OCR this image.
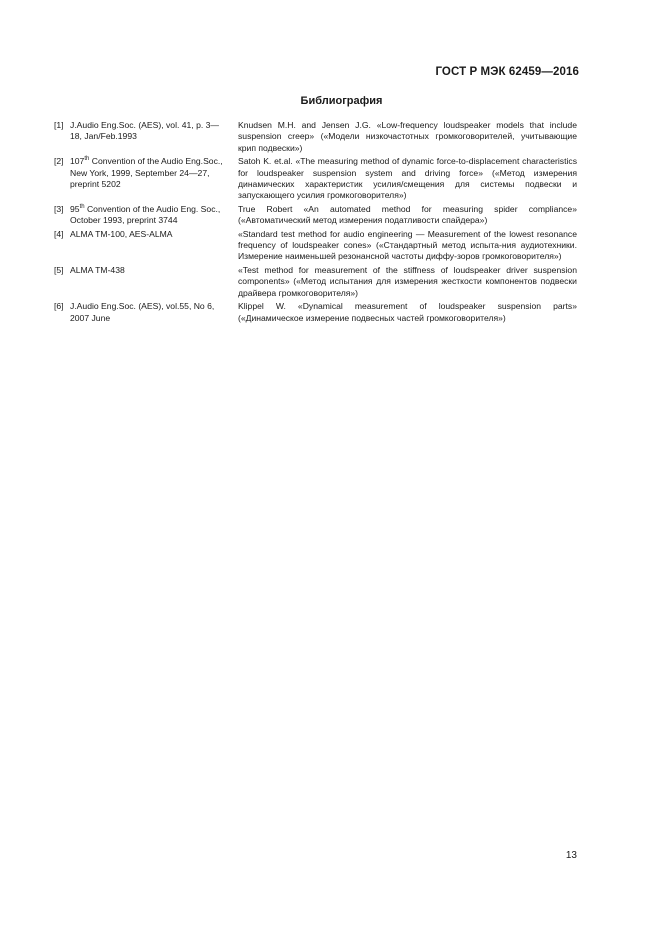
ГОСТ Р МЭК 62459—2016
Библиография
[1]	J.Audio Eng.Soc. (AES), vol. 41, p. 3—18, Jan/Feb.1993	Knudsen M.H. and Jensen J.G. «Low-frequency loudspeaker models that include suspension creep» («Модели низкочастотных громкоговорителей, учитывающие крип подвески»)
[2]	107th Convention of the Audio Eng.Soc., New York, 1999, September 24—27, preprint 5202	Satoh K. et.al. «The measuring method of dynamic force-to-displacement characteristics for loudspeaker suspension system and driving force» («Метод измерения динамических характеристик усилия/смещения для системы подвески и запускающего усилия громкоговорителя»)
[3]	95th Convention of the Audio Eng. Soc., October 1993, preprint 3744	True Robert «An automated method for measuring spider compliance» («Автоматический метод измерения податливости спайдера»)
[4]	ALMA TM-100, AES-ALMA	«Standard test method for audio engineering — Measurement of the lowest resonance frequency of loudspeaker cones» («Стандартный метод испыта-ния аудиотехники. Измерение наименьшей резонансной частоты диффу-зоров громкоговорителя»)
[5]	ALMA TM-438	«Test method for measurement of the stiffness of loudspeaker driver suspension components» («Метод испытания для измерения жесткости компонентов подвески драйвера громкоговорителя»)
[6]	J.Audio Eng.Soc. (AES), vol.55, No 6, 2007 June	Klippel W. «Dynamical measurement of loudspeaker suspension parts» («Динамическое измерение подвесных частей громкоговорителя»)
13
